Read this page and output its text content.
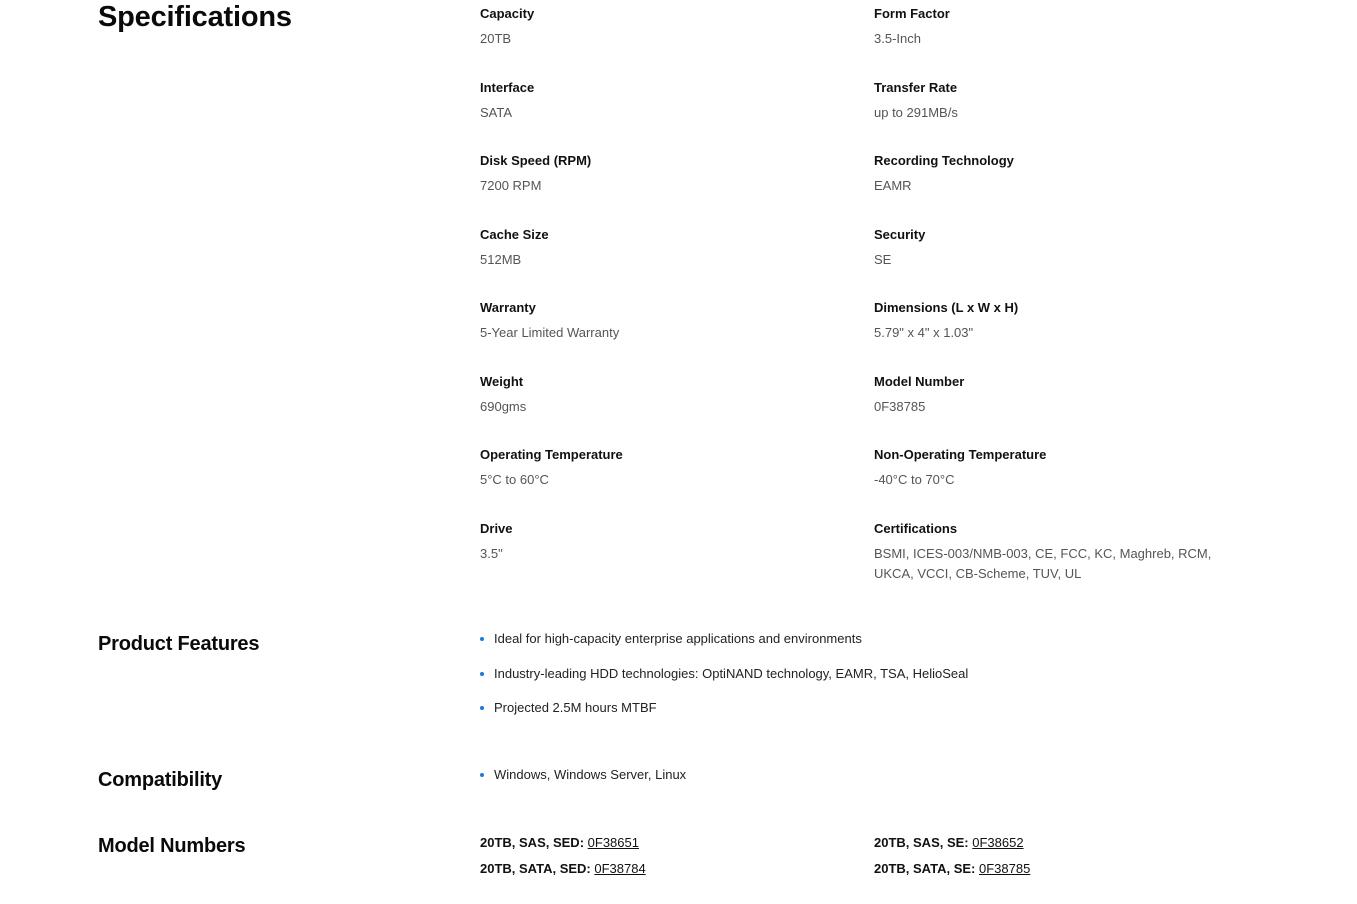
Specifications	Capacity
20TB
Form Factor
3.5-Inch
Interface
SATA
Transfer Rate
up to 291MB/s
Disk Speed (RPM)
7200 RPM
Recording Technology
EAMR
Cache Size
512MB
Security
SE
Warranty
5-Year Limited Warranty
Dimensions (L x W x H)
5.79" x 4" x 1.03"
Weight
690gms
Model Number
0F38785
Operating Temperature
5°C to 60°C
Non-Operating Temperature
-40°C to 70°C
Drive
3.5"
Certifications
BSMI, ICES-003/NMB-003, CE, FCC, KC, Maghreb, RCM, UKCA, VCCI, CB-Scheme, TUV, UL
Product Features	Ideal for high-capacity enterprise applications and environments
Industry-leading HDD technologies: OptiNAND technology, EAMR, TSA, HelioSeal
Projected 2.5M hours MTBF
Compatibility	Windows, Windows Server, Linux
Model Numbers	20TB, SAS, SED: 0F38651	20TB, SAS, SE: 0F38652
20TB, SATA, SED: 0F38784	20TB, SATA, SE: 0F38785
